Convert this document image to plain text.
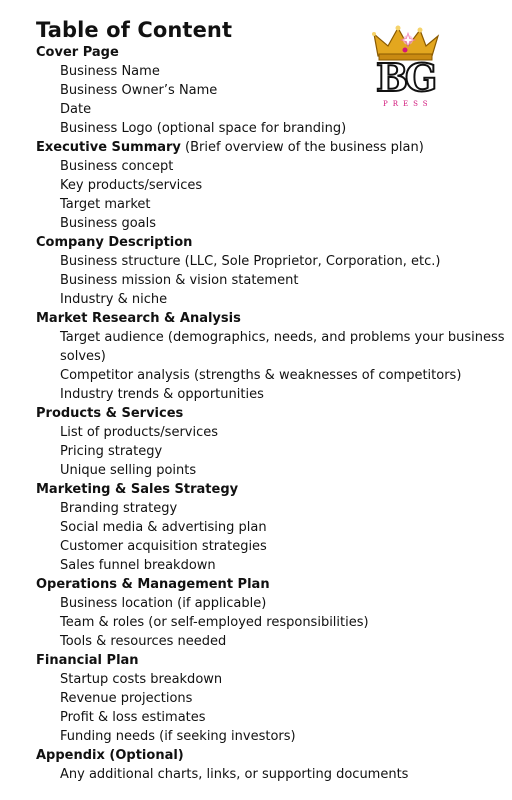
Table of Content
Cover Page
Business Name
Business Owner’s Name
Date
Business Logo (optional space for branding)
Executive Summary (Brief overview of the business plan)
Business concept
Key products/services
Target market
Business goals
Company Description
Business structure (LLC, Sole Proprietor, Corporation, etc.)
Business mission & vision statement
Industry & niche
Market Research & Analysis
Target audience (demographics, needs, and problems your business solves)
Competitor analysis (strengths & weaknesses of competitors)
Industry trends & opportunities
Products & Services
List of products/services
Pricing strategy
Unique selling points
Marketing & Sales Strategy
Branding strategy
Social media & advertising plan
Customer acquisition strategies
Sales funnel breakdown
Operations & Management Plan
Business location (if applicable)
Team & roles (or self-employed responsibilities)
Tools & resources needed
Financial Plan
Startup costs breakdown
Revenue projections
Profit & loss estimates
Funding needs (if seeking investors)
Appendix (Optional)
Any additional charts, links, or supporting documents
BG
PRESS
